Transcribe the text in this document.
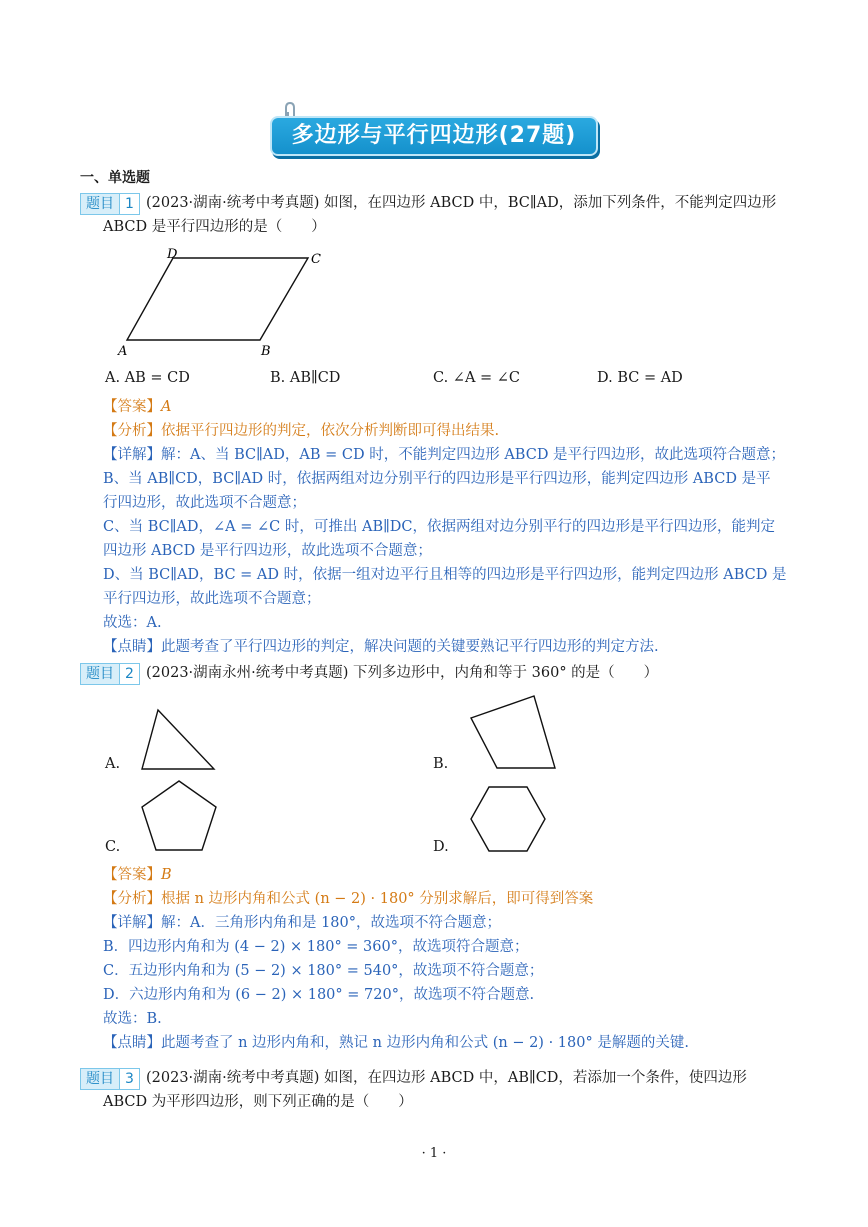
多边形与平行四边形(27题)
一、单选题
题目 1 (2023·湖南·统考中考真题) 如图，在四边形 ABCD 中，BC∥AD，添加下列条件，不能判定四边形
ABCD 是平行四边形的是（　　）
D	C
A	B
A. AB = CD	B. AB∥CD	C. ∠A = ∠C	D. BC = AD
【答案】A
【分析】依据平行四边形的判定，依次分析判断即可得出结果.
【详解】解：A、当 BC∥AD，AB = CD 时，不能判定四边形 ABCD 是平行四边形，故此选项符合题意；
B、当 AB∥CD，BC∥AD 时，依据两组对边分别平行的四边形是平行四边形，能判定四边形 ABCD 是平
行四边形，故此选项不合题意；
C、当 BC∥AD，∠A = ∠C 时，可推出 AB∥DC，依据两组对边分别平行的四边形是平行四边形，能判定
四边形 ABCD 是平行四边形，故此选项不合题意；
D、当 BC∥AD，BC = AD 时，依据一组对边平行且相等的四边形是平行四边形，能判定四边形 ABCD 是
平行四边形，故此选项不合题意；
故选：A.
【点睛】此题考查了平行四边形的判定，解决问题的关键要熟记平行四边形的判定方法.
题目 2 (2023·湖南永州·统考中考真题) 下列多边形中，内角和等于 360° 的是（　　）
A.	B.
C.	D.
【答案】B
【分析】根据 n 边形内角和公式 (n − 2) · 180° 分别求解后，即可得到答案
【详解】解：A．三角形内角和是 180°，故选项不符合题意；
B．四边形内角和为 (4 − 2) × 180° = 360°，故选项符合题意；
C．五边形内角和为 (5 − 2) × 180° = 540°，故选项不符合题意；
D．六边形内角和为 (6 − 2) × 180° = 720°，故选项不符合题意.
故选：B.
【点睛】此题考查了 n 边形内角和，熟记 n 边形内角和公式 (n − 2) · 180° 是解题的关键.
题目 3 (2023·湖南·统考中考真题) 如图，在四边形 ABCD 中，AB∥CD，若添加一个条件，使四边形
ABCD 为平形四边形，则下列正确的是（　　）
· 1 ·
